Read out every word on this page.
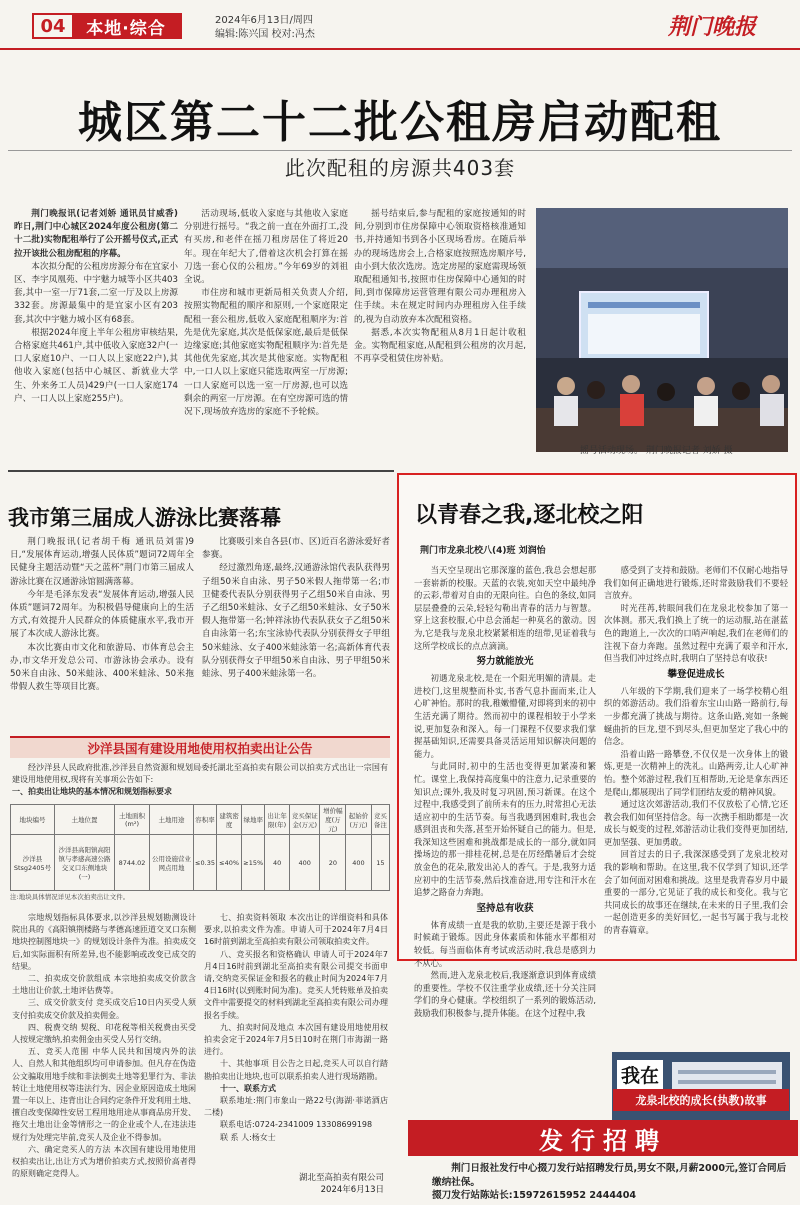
04	本地·综合	2024年6月13日/周四
编辑:陈兴国 校对:冯杰	荆门晚报
城区第二十二批公租房启动配租
此次配租的房源共403套

荆门晚报讯(记者刘娇 通讯员甘威香)昨日,荆门中心城区2024年度公租房(第二十二批)实物配租举行了公开摇号仪式,正式拉开该批公租房配租的序幕。

本次拟分配的公租房房源分布在宜家小区、李宇凤凰苑、中宇魅力城等小区共403套,其中一室一厅71套,二室一厅及以上房源332套。房源最集中的是宜家小区有203套,其次中宇魅力城小区有68套。

根据2024年度上半年公租房审核结果,合格家庭共461户,其中低收入家庭32户(一口人家庭10户、一口人以上家庭22户),其他收入家庭(包括中心城区、新就业大学生、外来务工人员)429户(一口人家庭174户、一口人以上家庭255户)。

活动现场,低收入家庭与其他收入家庭分别进行摇号。“我之前一直在外面打工,没有买房,和老伴在摇刀租房居住了将近20年。现在年纪大了,借着这次机会打算在摇刀选一套心仪的公租房。”今年69岁的刘祖全说。

市住房和城市更新局相关负责人介绍,按照实物配租的顺序和原则,一个家庭限定配租一套公租房,低收入家庭配租顺序为:首先是优先家庭,其次是低保家庭,最后是低保边缘家庭;其他家庭实物配租顺序为:首先是其他优先家庭,其次是其他家庭。实物配租中,一口人以上家庭只能选取两室一厅房源;一口人家庭可以选一室一厅房源,也可以选剩余的两室一厅房源。在有空房源可选的情况下,现场放弃选房的家庭不予轮候。

摇号结束后,参与配租的家庭按通知的时间,分别到市住房保障中心领取资格核准通知书,并持通知书到各小区现场看房。在随后举办的现场选房会上,合格家庭按照选房顺序号,由小到大依次选房。选定房屋的家庭需现场领取配租通知书,按照市住房保障中心通知的时间,到市保障房运营管理有限公司办理租房入住手续。未在规定时间内办理租房入住手续的,视为自动放弃本次配租资格。

据悉,本次实物配租从8月1日起计收租金。实物配租家庭,从配租到公租房的次月起,不再享受租赁住房补贴。

摇号活动现场。 荆门晚报记者 刘娇 摄
我市第三届成人游泳比赛落幕

荆门晚报讯(记者胡千梅 通讯员刘雷)9日,“发展体育运动,增强人民体质”题词72周年全民健身主题活动暨“天之蓝杯”荆门市第三届成人游泳比赛在汉通游泳馆圆满落幕。

今年是毛泽东发表“发展体育运动,增强人民体质”题词72周年。为积极倡导健康向上的生活方式,有效提升人民群众的体质健康水平,我市开展了本次成人游泳比赛。

本次比赛由市文化和旅游局、市体育总会主办,市文华开发总公司、市游泳协会承办。设有50米自由泳、50米蛙泳、400米蛙泳、50米拖带假人救生等项目比赛。

比赛吸引来自各县(市、区)近百名游泳爱好者参赛。

经过激烈角逐,最终,汉通游泳馆代表队获得男子组50米自由泳、男子50米假人拖带第一名;市卫健委代表队分别获得男子乙组50米自由泳、男子乙组50米蛙泳、女子乙组50米蛙泳、女子50米假人拖带第一名;钟祥泳协代表队获女子乙组50米自由泳第一名;东宝泳协代表队分别获得女子甲组50米蛙泳、女子400米蛙泳第一名;高新体育代表队分别获得女子甲组50米自由泳、男子甲组50米蛙泳、男子400米蛙泳第一名。

沙洋县国有建设用地使用权拍卖出让公告

经沙洋县人民政府批准,沙洋县自然资源和规划局委托湖北至高拍卖有限公司以拍卖方式出让一宗国有建设用地使用权,现将有关事项公告如下:

一、拍卖出让地块的基本情况和规划指标要求
地块编号	土地位置	土地面积(m²)	土地用途	容积率	建筑密度	绿地率	出让年限(年)	竞买保证金(万元)	增价幅度(万元)	起始价(万元)	竞买备注
沙洋县Stsg2405号	沙洋县高阳镇高阳镇与孝感高速公路交叉口东侧地块(一)	8744.02	公用设施营业网点用地	≤0.35	≤40%	≥15%	40	400	20	400	15
注:地块具体情况详见本次拍卖出让文件。

宗地规划指标具体要求,以沙洋县规划勘测设计院出具的《高阳镇荆楼路与孝德高速匝道交叉口东侧地块控制图地块一》的规划设计条件为准。拍卖成交后,如实际面积有所差异,也不能影响或改变已成交的结果。

二、拍卖成交价款组成 本宗地拍卖成交价款含土地出让价款,土地评估费等。

三、成交价款支付 竞买成交后10日内买受人须支付拍卖成交价款及拍卖佣金。

四、税费交纳 契税、印花税等相关税费由买受人按规定缴纳,拍卖佣金由买受人另行交纳。

五、竞买人范围 中华人民共和国境内外的法人、自然人和其他组织均可申请参加。但凡存在伪造公文骗取用地手续和非法倒卖土地等犯罪行为、非法转让土地使用权等违法行为、因企业原因造成土地闲置一年以上、违背出让合同约定条件开发利用土地、擅自改变保障性安居工程用地用途从事商品房开发、拖欠土地出让金等情形之一的企业或个人,在违法违规行为处理完毕前,竞买人及企业不得参加。

六、确定竞买人的方法 本次国有建设用地使用权拍卖出让,出让方式为增价拍卖方式,按照价高者得的原则确定竞得人。

七、拍卖资料领取 本次出让的详细资料和具体要求,以拍卖文件为准。申请人可于2024年7月4日16时前到湖北至高拍卖有限公司领取拍卖文件。

八、竞买报名和资格确认 申请人可于2024年7月4日16时前到湖北至高拍卖有限公司提交书面申请,交纳竞买保证金和报名的截止时间为2024年7月4日16时(以到账时间为准)。竞买人凭转账单及拍卖文件中需要提交的材料到湖北至高拍卖有限公司办理报名手续。

九、拍卖时间及地点 本次国有建设用地使用权拍卖会定于2024年7月5日10时在荆门市海湖一路进行。

十、其他事项 目公告之日起,竞买人可以自行踏勘拍卖出让地块,也可以联系拍卖人进行现场踏勘。

十一、联系方式

联系地址:荆门市象山一路22号(海湖·菲诺酒店二楼)

联系电话:0724-2341009 13308699198

联 系 人:杨女士

湖北至高拍卖有限公司
2024年6月13日
以青春之我,逐北校之阳
荆门市龙泉北校八(4)班 刘润怡

当天空呈现出它那深邃的蓝色,我总会想起那一套崭新的校服。天蓝的衣装,宛如天空中最纯净的云彩,带着对自由的无限向往。白色的条纹,如同层层叠叠的云朵,轻轻勾勒出青春的活力与智慧。穿上这套校服,心中总会涌起一种莫名的激动。因为,它是我与龙泉北校紧紧相连的纽带,见证着我与这所学校成长的点点滴滴。

努力就能放光

初遇龙泉北校,是在一个阳光明媚的清晨。走进校门,这里规整而朴实,书香气息扑面而来,让人心旷神怡。那时的我,稚嫩懵懂,对即将到来的初中生活充满了期待。然而初中的课程相较于小学来说,更加复杂和深入。每一门课程不仅要求我们掌握基础知识,还需要具备灵活运用知识解决问题的能力。

与此同时,初中的生活也变得更加紧凑和繁忙。课堂上,我保持高度集中的注意力,记录重要的知识点;课外,我及时复习巩固,预习新课。在这个过程中,我感受到了前所未有的压力,时常担心无法适应初中的生活节奏。每当我遇到困难时,我也会感到沮丧和失落,甚至开始怀疑自己的能力。但是,我深知这些困难和挑战都是成长的一部分,就如同操场边的那一排桂花树,总是在厉经酷暑后才会绽放金色的花朵,散发出沁人的香气。于是,我努力适应初中的生活节奏,然后找准奋进,用专注和汗水在追梦之路奋力奔跑。

坚持总有收获

体育成绩一直是我的软肋,主要还是源于我小时候疏于锻炼。因此身体素质和体能水平都相对较低。每当面临体育考试或活动时,我总是感到力不从心。

然而,进入龙泉北校后,我逐渐意识到体育成绩的重要性。学校不仅注重学业成绩,还十分关注同学们的身心健康。学校组织了一系列的锻炼活动,鼓励我们积极参与,提升体能。在这个过程中,我

感受到了支持和鼓励。老师们不仅耐心地指导我们如何正确地进行锻炼,还时常鼓励我们不要轻言放弃。

时光荏苒,转眼间我们在龙泉北校参加了第一次体测。那天,我们换上了统一的运动服,站在湛蓝色的跑道上,一次次的口哨声响起,我们在老师们的注视下奋力奔跑。虽然过程中充满了艰辛和汗水,但当我们冲过终点时,我明白了坚持总有收获!

攀登促进成长

八年级的下学期,我们迎来了一场学校精心组织的郊游活动。我们沿着东宝山山路一路前行,每一步都充满了挑战与期待。这条山路,宛如一条蜿蜒曲折的巨龙,望不到尽头,但更加坚定了我心中的信念。

沿着山路一路攀登,不仅仅是一次身体上的锻炼,更是一次精神上的洗礼。山路两旁,让人心旷神怡。整个郊游过程,我们互相帮助,无论是拿东西还是爬山,都展现出了同学们团结友爱的精神风貌。

通过这次郊游活动,我们不仅放松了心情,它还教会我们如何坚持信念。每一次携手相助都是一次成长与蜕变的过程,郊游活动让我们变得更加团结,更加坚强、更加勇敢。

回首过去的日子,我深深感受到了龙泉北校对我的影响和帮助。在这里,我不仅学到了知识,还学会了如何面对困难和挑战。这里是我青春岁月中最重要的一部分,它见证了我的成长和变化。我与它共同成长的故事还在继续,在未来的日子里,我们会一起创造更多的美好回忆,一起书写属于我与北校的青春篇章。

我在
龙泉北校的成长(执教)故事
发行招聘
荆门日报社发行中心掇刀发行站招聘发行员,男女不限,月薪2000元,签订合同后缴纳社保。
掇刀发行站陈站长:15972615952 2444404
